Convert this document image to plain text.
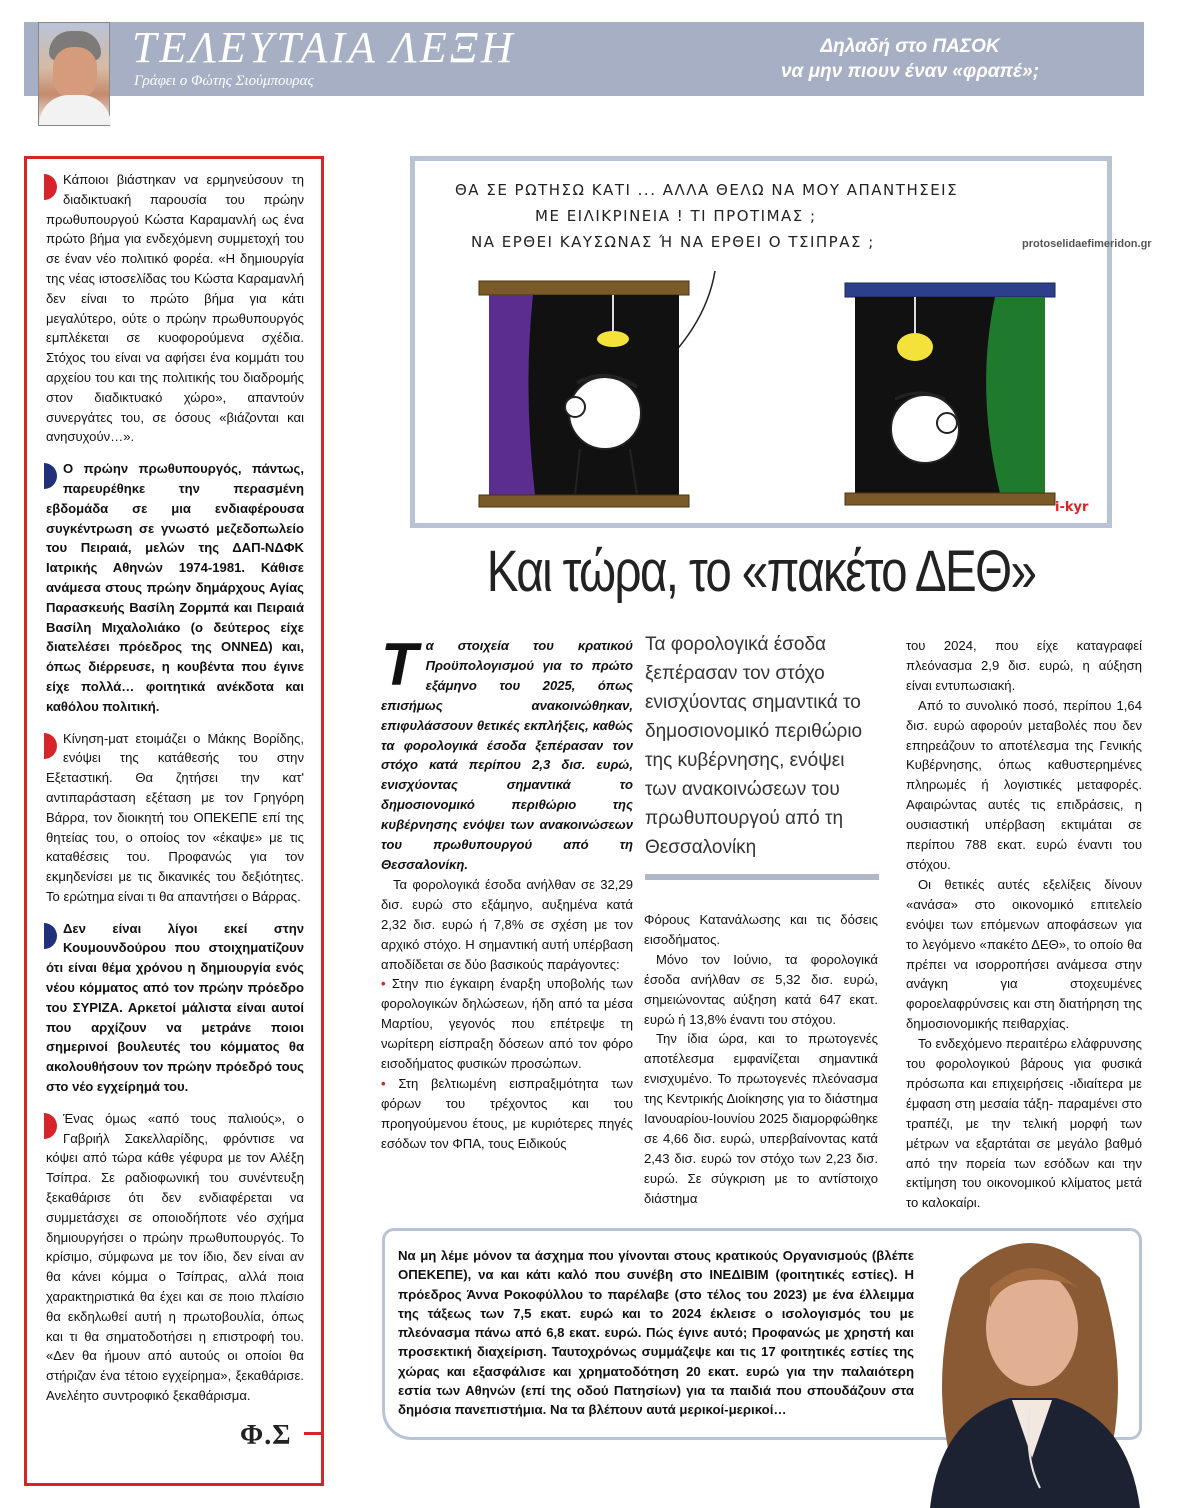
ΤΕΛΕΥΤΑΙΑ ΛΕΞΗ
Γράφει ο Φώτης Σιούμπουρας
Δηλαδή στο ΠΑΣΟΚ
να μην πιουν έναν «φραπέ»;

Κάποιοι βιάστηκαν να ερμηνεύσουν τη διαδικτυακή παρουσία του πρώην πρωθυπουργού Κώστα Καραμανλή ως ένα πρώτο βήμα για ενδεχόμενη συμμετοχή του σε έναν νέο πολιτικό φορέα. «Η δημιουργία της νέας ιστοσελίδας του Κώστα Καραμανλή δεν είναι το πρώτο βήμα για κάτι μεγαλύτερο, ούτε ο πρώην πρωθυπουργός εμπλέκεται σε κυοφορούμενα σχέδια. Στόχος του είναι να αφήσει ένα κομμάτι του αρχείου του και της πολιτικής του διαδρομής στον διαδικτυακό χώρο», απαντούν συνεργάτες του, σε όσους «βιάζονται και ανησυχούν…».

Ο πρώην πρωθυπουργός, πάντως, παρευρέθηκε την περασμένη εβδομάδα σε μια ενδιαφέρουσα συγκέντρωση σε γνωστό μεζεδοπωλείο του Πειραιά, μελών της ΔΑΠ-ΝΔΦΚ Ιατρικής Αθηνών 1974-1981. Κάθισε ανάμεσα στους πρώην δημάρχους Αγίας Παρασκευής Βασίλη Ζορμπά και Πειραιά Βασίλη Μιχαλολιάκο (ο δεύτερος είχε διατελέσει πρόεδρος της ΟΝΝΕΔ) και, όπως διέρρευσε, η κουβέντα που έγινε είχε πολλά… φοιτητικά ανέκδοτα και καθόλου πολιτική.

Κίνηση-ματ ετοιμάζει ο Μάκης Βορίδης, ενόψει της κατάθεσής του στην Εξεταστική. Θα ζητήσει την κατ' αντιπαράσταση εξέταση με τον Γρηγόρη Βάρρα, τον διοικητή του ΟΠΕΚΕΠΕ επί της θητείας του, ο οποίος τον «έκαψε» με τις καταθέσεις του. Προφανώς για τον εκμηδενίσει με τις δικανικές του δεξιότητες. Το ερώτημα είναι τι θα απαντήσει ο Βάρρας.

Δεν είναι λίγοι εκεί στην Κουμουνδούρου που στοιχηματίζουν ότι είναι θέμα χρόνου η δημιουργία ενός νέου κόμματος από τον πρώην πρόεδρο του ΣΥΡΙΖΑ. Αρκετοί μάλιστα είναι αυτοί που αρχίζουν να μετράνε ποιοι σημερινοί βουλευτές του κόμματος θα ακολουθήσουν τον πρώην πρόεδρό τους στο νέο εγχείρημά του.

Ένας όμως «από τους παλιούς», ο Γαβριήλ Σακελλαρίδης, φρόντισε να κόψει από τώρα κάθε γέφυρα με τον Αλέξη Τσίπρα. Σε ραδιοφωνική του συνέντευξη ξεκαθάρισε ότι δεν ενδιαφέρεται να συμμετάσχει σε οποιοδήποτε νέο σχήμα δημιουργήσει ο πρώην πρωθυπουργός. Το κρίσιμο, σύμφωνα με τον ίδιο, δεν είναι αν θα κάνει κόμμα ο Τσίπρας, αλλά ποια χαρακτηριστικά θα έχει και σε ποιο πλαίσιο θα εκδηλωθεί αυτή η πρωτοβουλία, όπως και τι θα σηματοδοτήσει η επιστροφή του. «Δεν θα ήμουν από αυτούς οι οποίοι θα στήριζαν ένα τέτοιο εγχείρημα», ξεκαθάρισε. Ανελέητο συντροφικό ξεκαθάρισμα.

Φ.Σ
ΘΑ ΣΕ ΡΩΤΗΣΩ ΚΑΤΙ ... ΑΛΛΑ ΘΕΛΩ ΝΑ ΜΟΥ ΑΠΑΝΤΗΣΕΙΣ
ΜΕ ΕΙΛΙΚΡΙΝΕΙΑ ! ΤΙ ΠΡΟΤΙΜΑΣ ;
ΝΑ ΕΡΘΕΙ ΚΑΥΣΩΝΑΣ Ή ΝΑ ΕΡΘΕΙ Ο ΤΣΙΠΡΑΣ ;
i-kyr
protoselidaefimeridon.gr
Και τώρα, το «πακέτο ΔΕΘ»

Τα στοιχεία του κρατικού Προϋπολογισμού για το πρώτο εξάμηνο του 2025, όπως επισήμως ανακοινώθηκαν, επιφυλάσσουν θετικές εκπλήξεις, καθώς τα φορολογικά έσοδα ξεπέρασαν τον στόχο κατά περίπου 2,3 δισ. ευρώ, ενισχύοντας σημαντικά το δημοσιονομικό περιθώριο της κυβέρνησης ενόψει των ανακοινώσεων του πρωθυπουργού από τη Θεσσαλονίκη.

Τα φορολογικά έσοδα ανήλθαν σε 32,29 δισ. ευρώ στο εξάμηνο, αυξημένα κατά 2,32 δισ. ευρώ ή 7,8% σε σχέση με τον αρχικό στόχο. Η σημαντική αυτή υπέρβαση αποδίδεται σε δύο βασικούς παράγοντες:

• Στην πιο έγκαιρη έναρξη υποβολής των φορολογικών δηλώσεων, ήδη από τα μέσα Μαρτίου, γεγονός που επέτρεψε τη νωρίτερη είσπραξη δόσεων από τον φόρο εισοδήματος φυσικών προσώπων.

• Στη βελτιωμένη εισπραξιμότητα των φόρων του τρέχοντος και του προηγούμενου έτους, με κυριότερες πηγές εσόδων τον ΦΠΑ, τους Ειδικούς

Τα φορολογικά έσοδα ξεπέρασαν τον στόχο ενισχύοντας σημαντικά το δημοσιονομικό περιθώριο της κυβέρνησης, ενόψει των ανακοινώσεων του πρωθυπουργού από τη Θεσσαλονίκη

Φόρους Κατανάλωσης και τις δόσεις εισοδήματος.

Μόνο τον Ιούνιο, τα φορολογικά έσοδα ανήλθαν σε 5,32 δισ. ευρώ, σημειώνοντας αύξηση κατά 647 εκατ. ευρώ ή 13,8% έναντι του στόχου.

Την ίδια ώρα, και το πρωτογενές αποτέλεσμα εμφανίζεται σημαντικά ενισχυμένο. Το πρωτογενές πλεόνασμα της Κεντρικής Διοίκησης για το διάστημα Ιανουαρίου-Ιουνίου 2025 διαμορφώθηκε σε 4,66 δισ. ευρώ, υπερβαίνοντας κατά 2,43 δισ. ευρώ τον στόχο των 2,23 δισ. ευρώ. Σε σύγκριση με το αντίστοιχο διάστημα

του 2024, που είχε καταγραφεί πλεόνασμα 2,9 δισ. ευρώ, η αύξηση είναι εντυπωσιακή.

Από το συνολικό ποσό, περίπου 1,64 δισ. ευρώ αφορούν μεταβολές που δεν επηρεάζουν το αποτέλεσμα της Γενικής Κυβέρνησης, όπως καθυστερημένες πληρωμές ή λογιστικές μεταφορές. Αφαιρώντας αυτές τις επιδράσεις, η ουσιαστική υπέρβαση εκτιμάται σε περίπου 788 εκατ. ευρώ έναντι του στόχου.

Οι θετικές αυτές εξελίξεις δίνουν «ανάσα» στο οικονομικό επιτελείο ενόψει των επόμενων αποφάσεων για το λεγόμενο «πακέτο ΔΕΘ», το οποίο θα πρέπει να ισορροπήσει ανάμεσα στην ανάγκη για στοχευμένες φοροελαφρύνσεις και στη διατήρηση της δημοσιονομικής πειθαρχίας.

Το ενδεχόμενο περαιτέρω ελάφρυνσης του φορολογικού βάρους για φυσικά πρόσωπα και επιχειρήσεις -ιδιαίτερα με έμφαση στη μεσαία τάξη- παραμένει στο τραπέζι, με την τελική μορφή των μέτρων να εξαρτάται σε μεγάλο βαθμό από την πορεία των εσόδων και την εκτίμηση του οικονομικού κλίματος μετά το καλοκαίρι.

Να μη λέμε μόνον τα άσχημα που γίνονται στους κρατικούς Οργανισμούς (βλέπε ΟΠΕΚΕΠΕ), να και κάτι καλό που συνέβη στο ΙΝΕΔΙΒΙΜ (φοιτητικές εστίες). Η πρόεδρος Άννα Ροκοφύλλου το παρέλαβε (στο τέλος του 2023) με ένα έλλειμμα της τάξεως των 7,5 εκατ. ευρώ και το 2024 έκλεισε ο ισολογισμός του με πλεόνασμα πάνω από 6,8 εκατ. ευρώ. Πώς έγινε αυτό; Προφανώς με χρηστή και προσεκτική διαχείριση. Ταυτοχρόνως συμμάζεψε και τις 17 φοιτητικές εστίες της χώρας και εξασφάλισε και χρηματοδότηση 20 εκατ. ευρώ για την παλαιότερη εστία των Αθηνών (επί της οδού Πατησίων) για τα παιδιά που σπουδάζουν στα δημόσια πανεπιστήμια. Να τα βλέπουν αυτά μερικοί-μερικοί…
